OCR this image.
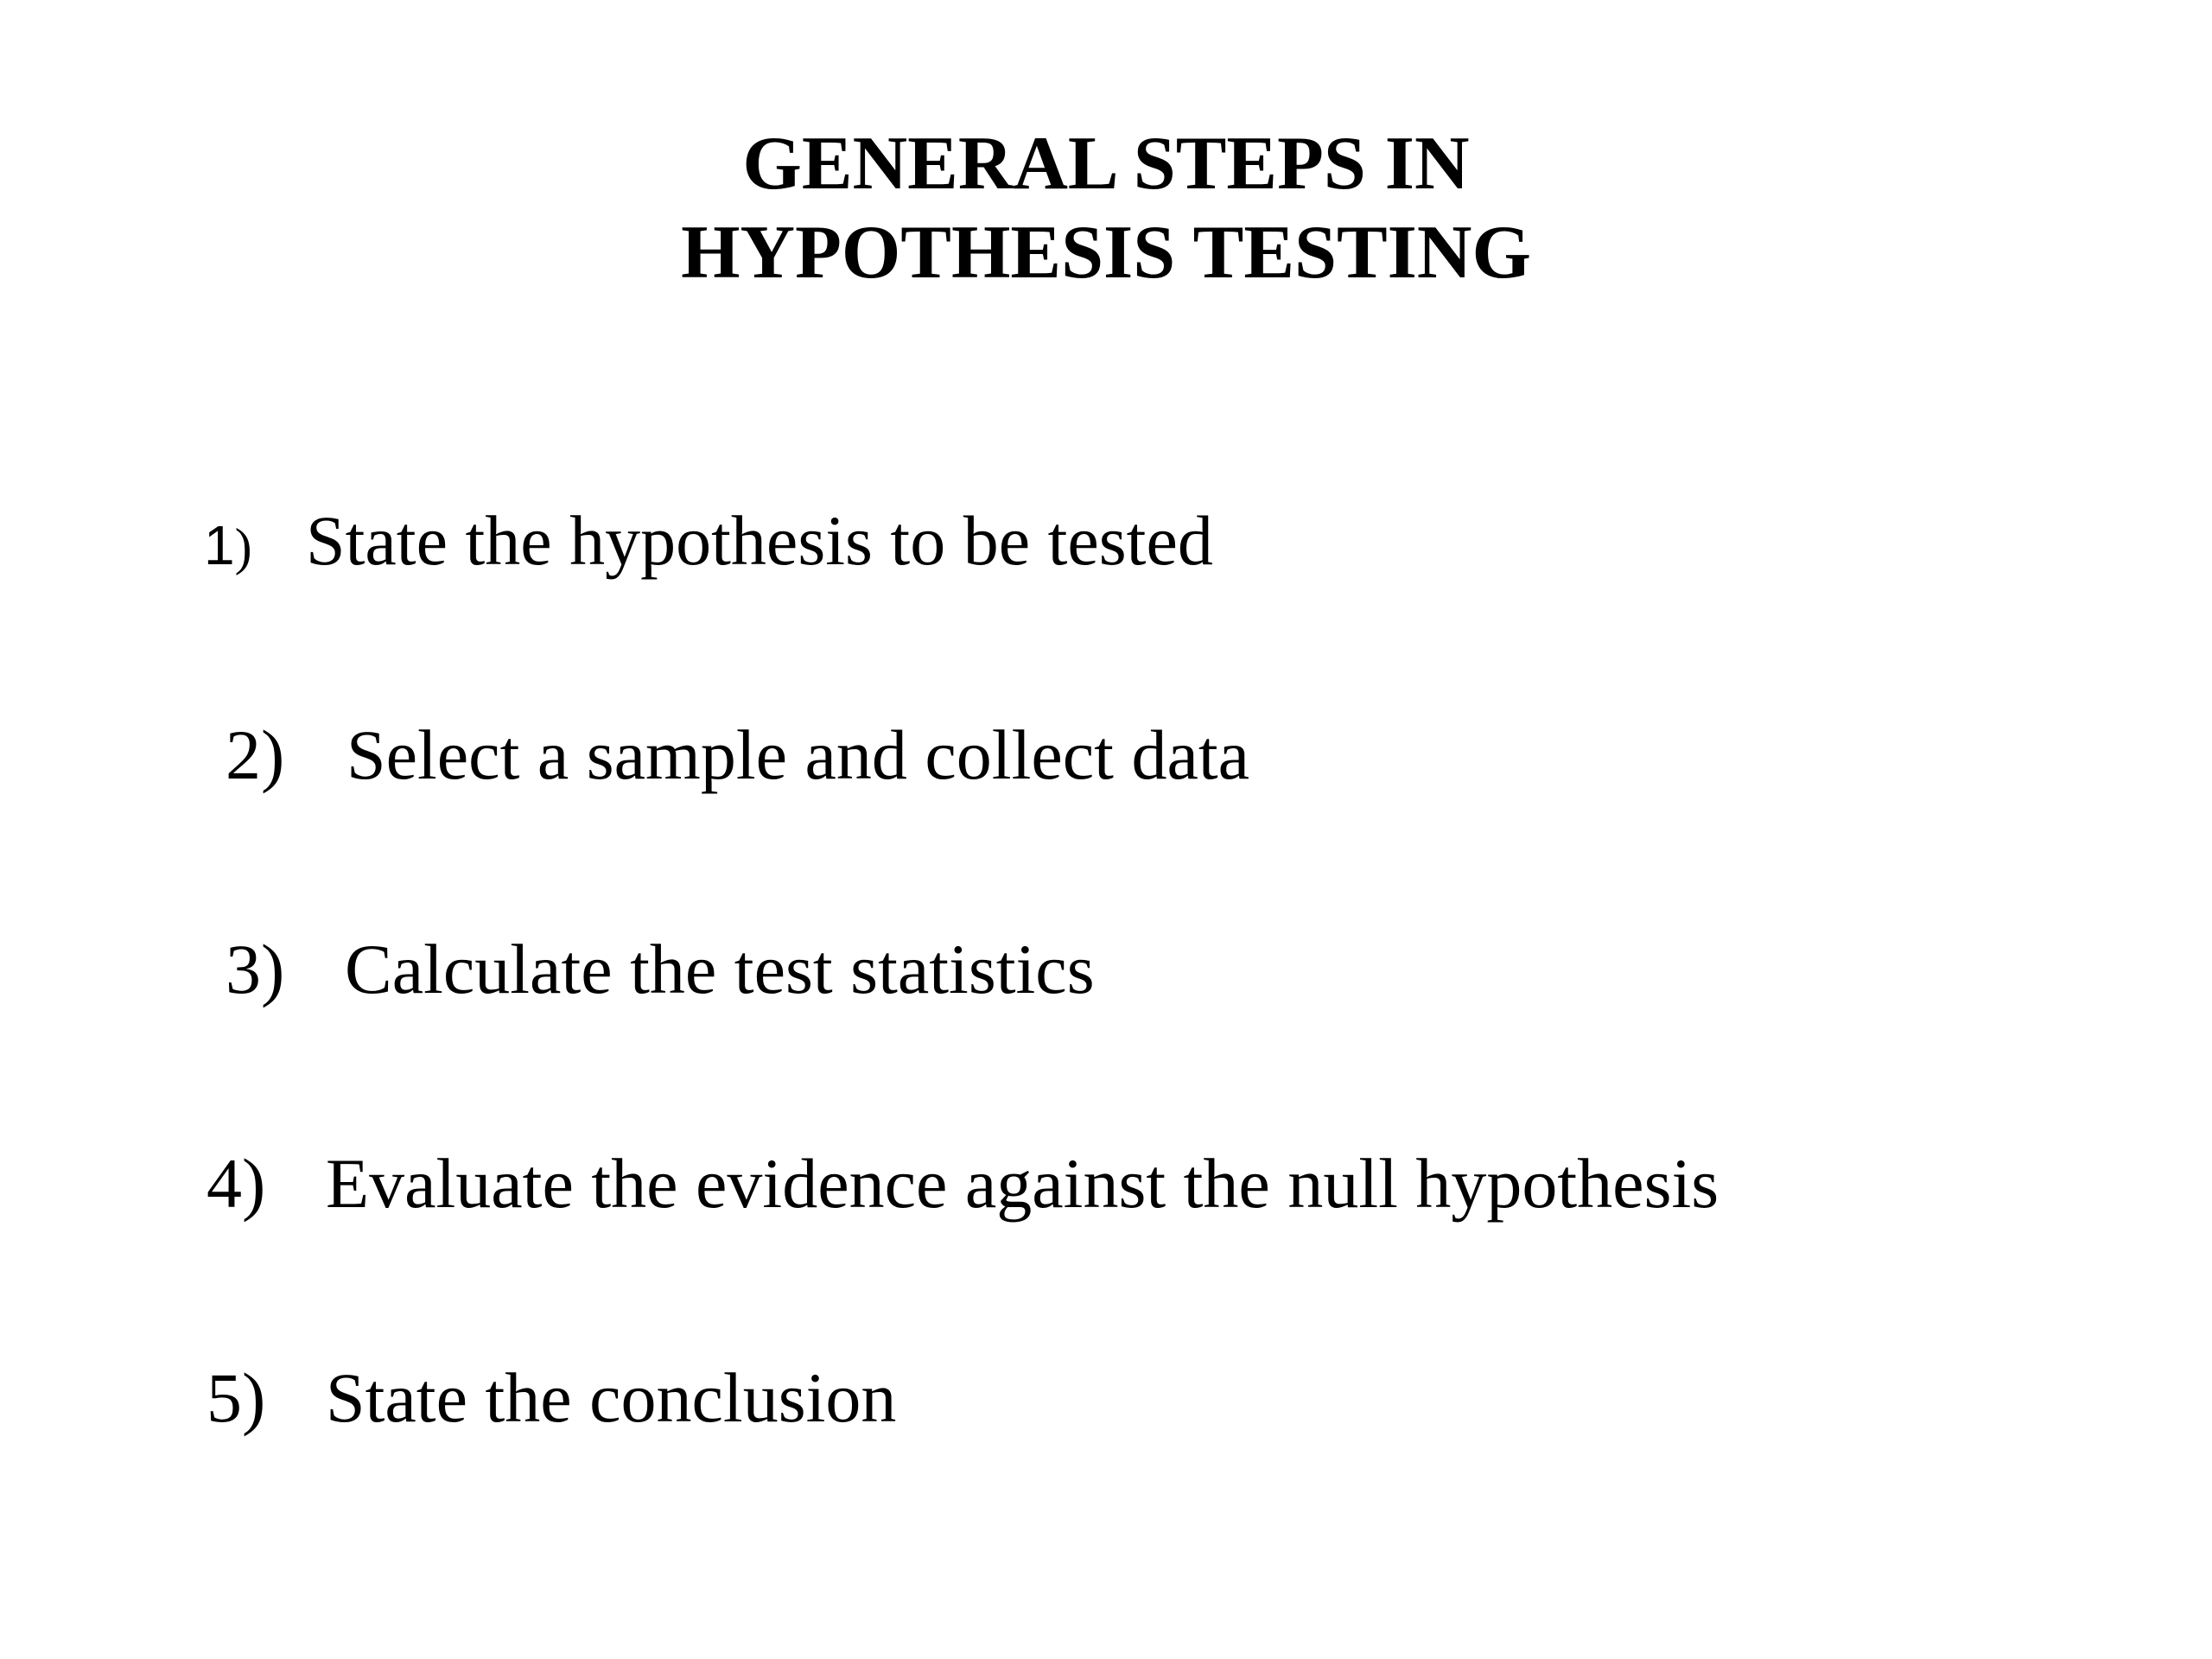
GENERAL STEPS IN
HYPOTHESIS TESTING
1) State the hypothesis to be tested
2) Select a sample and collect data
3) Calculate the test statistics
4) Evaluate the evidence against the null hypothesis
5) State the conclusion
